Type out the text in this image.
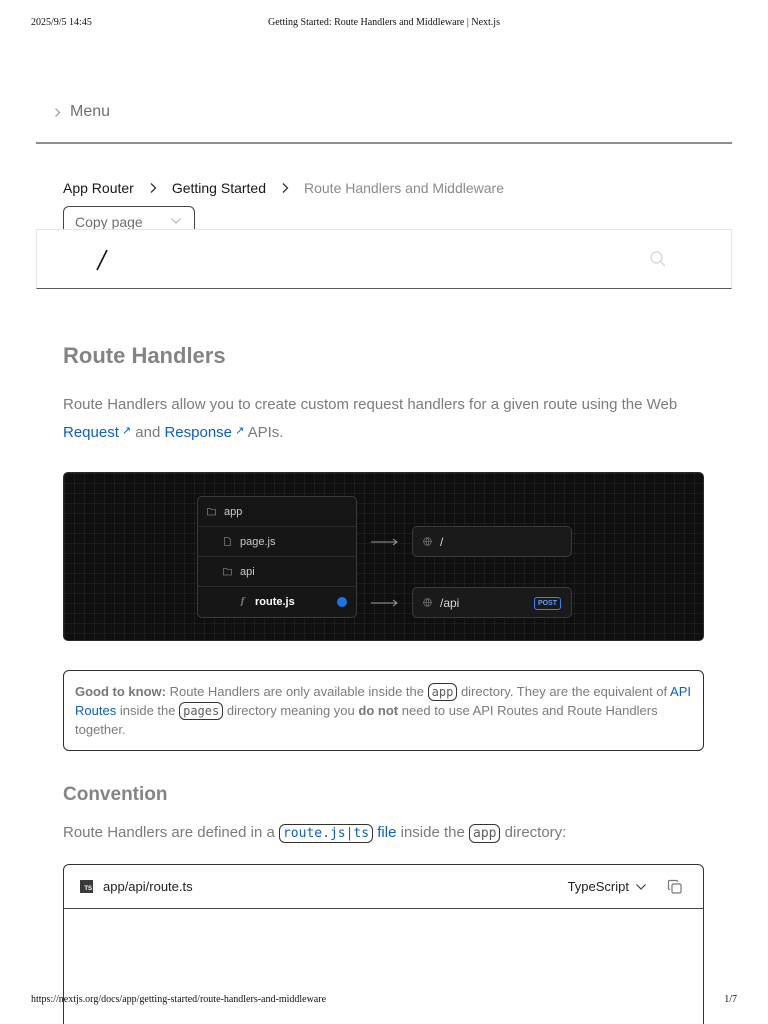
2025/9/5 14:45	Getting Started: Route Handlers and Middleware | Next.js
Menu
App Router	Getting Started	Route Handlers and Middleware
Copy page
Route Handlers

Route Handlers allow you to create custom request handlers for a given route using the Web Request ↗ and Response ↗ APIs.

app
page.js
api
f route.js
/
/api	POST
Good to know: Route Handlers are only available inside the app directory. They are the equivalent of API Routes inside the pages directory meaning you do not need to use API Routes and Route Handlers together.
Convention

Route Handlers are defined in a route.js|ts file inside the app directory:

TS app/api/route.ts	TypeScript
https://nextjs.org/docs/app/getting-started/route-handlers-and-middleware	1/7
